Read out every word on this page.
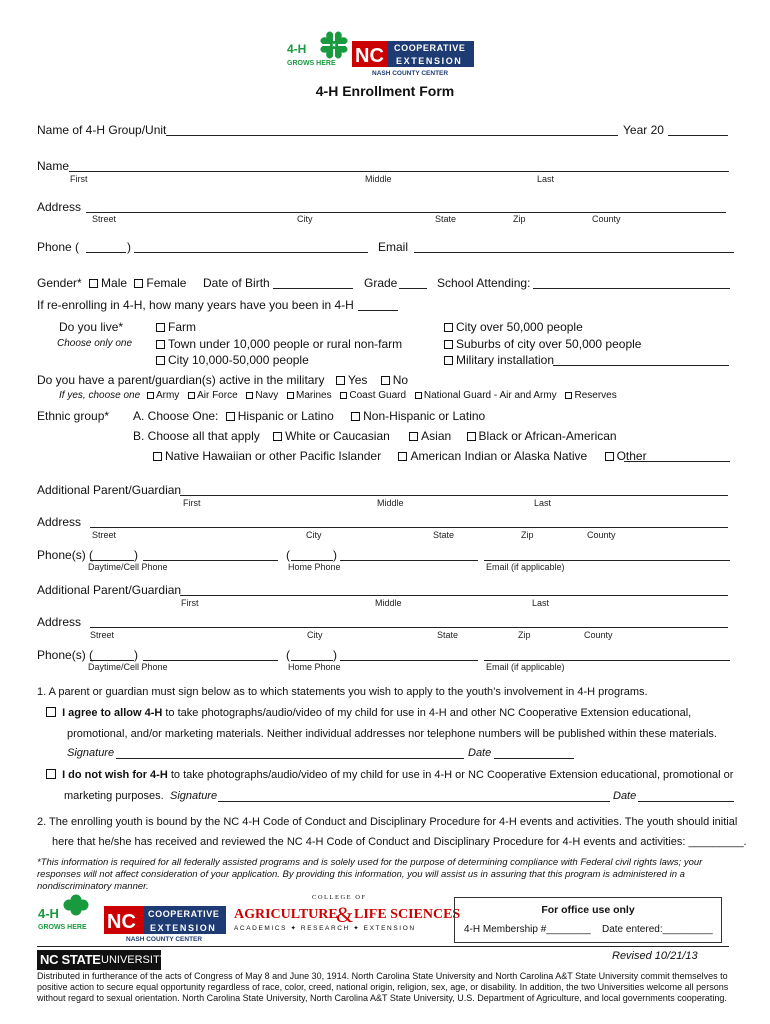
4-H
GROWS HERE NC COOPERATIVE
EXTENSION
NASH COUNTY CENTER
4-H Enrollment Form
Name of 4-H Group/Unit	Year 20
Name
First	Middle	Last
Address
Street	City	State	Zip	County
Phone (	)	Email
Gender* Male Female Date of Birth	Grade	School Attending:
If re-enrolling in 4-H, how many years have you been in 4-H
Do you live*
Choose only one
Farm
Town under 10,000 people or rural non-farm
City 10,000-50,000 people
City over 50,000 people
Suburbs of city over 50,000 people
Military installation
Do you have a parent/guardian(s) active in the military Yes No
If yes, choose one Army Air Force Navy Marines Coast Guard National Guard - Air and Army Reserves
Ethnic group* A. Choose One: Hispanic or Latino Non-Hispanic or Latino
B. Choose all that apply White or Caucasian	Asian Black or African-American
Native Hawaiian or other Pacific Islander American Indian or Alaska Native Other
Additional Parent/Guardian
First	Middle	Last
Address
Street	City	State	Zip	County
Phone(s) (	)	(	)
Daytime/Cell Phone	Home Phone	Email (if applicable)
Additional Parent/Guardian
First	Middle	Last
Address
Street	City	State	Zip	County
Phone(s) (	)	(	)
Daytime/Cell Phone	Home Phone	Email (if applicable)
1. A parent or guardian must sign below as to which statements you wish to apply to the youth’s involvement in 4-H programs.
I agree to allow 4-H to take photographs/audio/video of my child for use in 4-H and other NC Cooperative Extension educational,
promotional, and/or marketing materials. Neither individual addresses nor telephone numbers will be published within these materials.
Signature	Date
I do not wish for 4-H to take photographs/audio/video of my child for use in 4-H or NC Cooperative Extension educational, promotional or
marketing purposes. Signature	Date
2. The enrolling youth is bound by the NC 4-H Code of Conduct and Disciplinary Procedure for 4-H events and activities. The youth should initial
here that he/she has received and reviewed the NC 4-H Code of Conduct and Disciplinary Procedure for 4-H events and activities: _________.
*This information is required for all federally assisted programs and is solely used for the purpose of determining compliance with Federal civil rights laws; your responses will not affect consideration of your application. By providing this information, you will assist us in assuring that this program is administered in a nondiscriminatory manner.
4-H
GROWS HERE NC COOPERATIVE
EXTENSION
NASH COUNTY CENTER
COLLEGE OF
AGRICULTURE
& LIFE SCIENCES
ACADEMICS ✦ RESEARCH ✦ EXTENSION
For office use only
4-H Membership #________ Date entered:_________
NC STATE UNIVERSITY	Revised 10/21/13
Distributed in furtherance of the acts of Congress of May 8 and June 30, 1914. North Carolina State University and North Carolina A&T State University commit themselves to positive action to secure equal opportunity regardless of race, color, creed, national origin, religion, sex, age, or disability. In addition, the two Universities welcome all persons without regard to sexual orientation. North Carolina State University, North Carolina A&T State University, U.S. Department of Agriculture, and local governments cooperating.
